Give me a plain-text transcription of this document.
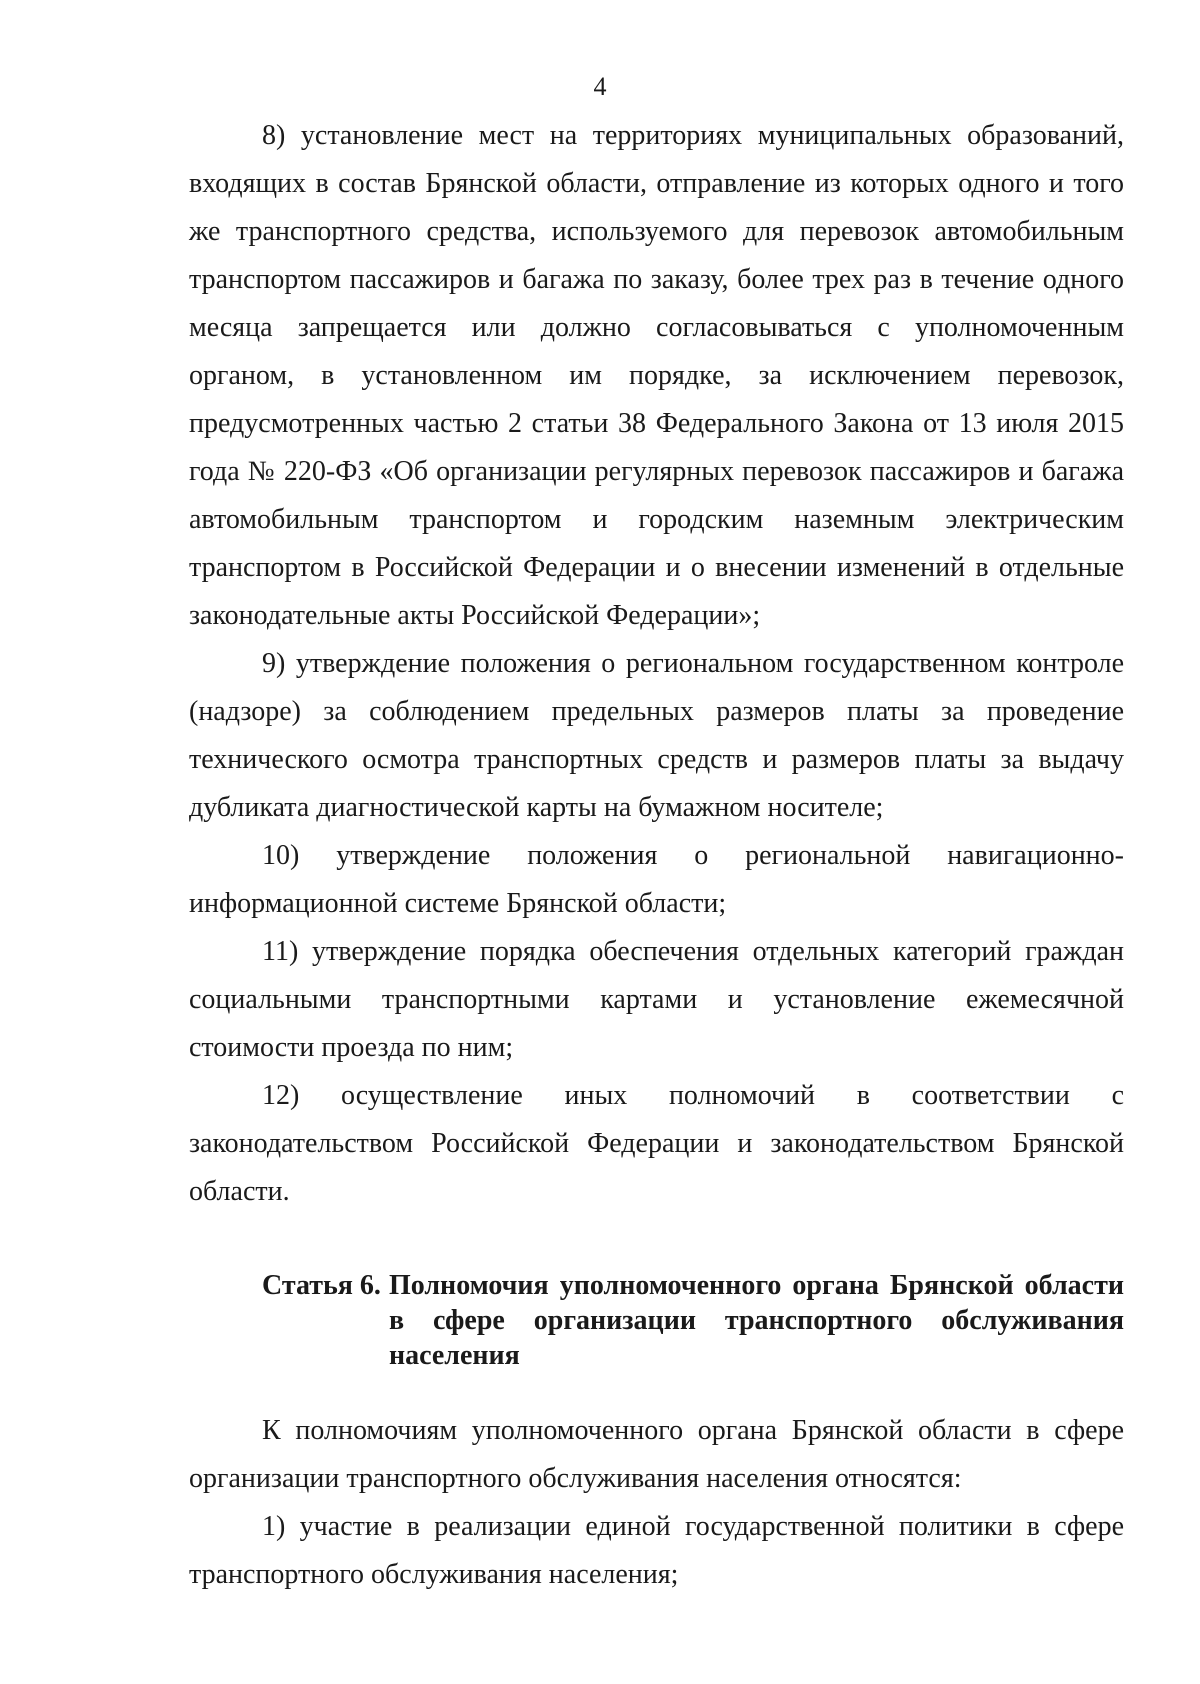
4

8) установление мест на территориях муниципальных образований, входящих в состав Брянской области, отправление из которых одного и того же транспортного средства, используемого для перевозок автомобильным транспортом пассажиров и багажа по заказу, более трех раз в течение одного месяца запрещается или должно согласовываться с уполномоченным органом, в установленном им порядке, за исключением перевозок, предусмотренных частью 2 статьи 38 Федерального Закона от 13 июля 2015 года № 220-ФЗ «Об организации регулярных перевозок пассажиров и багажа автомобильным транспортом и городским наземным электрическим транспортом в Российской Федерации и о внесении изменений в отдельные законодательные акты Российской Федерации»;

9) утверждение положения о региональном государственном контроле (надзоре) за соблюдением предельных размеров платы за проведение технического осмотра транспортных средств и размеров платы за выдачу дубликата диагностической карты на бумажном носителе;

10) утверждение положения о региональной навигационно-информационной системе Брянской области;

11) утверждение порядка обеспечения отдельных категорий граждан социальными транспортными картами и установление ежемесячной стоимости проезда по ним;

12) осуществление иных полномочий в соответствии с законодательством Российской Федерации и законодательством Брянской области.

Статья 6. Полномочия уполномоченного органа Брянской области в сфере организации транспортного обслуживания населения

К полномочиям уполномоченного органа Брянской области в сфере организации транспортного обслуживания населения относятся:

1) участие в реализации единой государственной политики в сфере транспортного обслуживания населения;
